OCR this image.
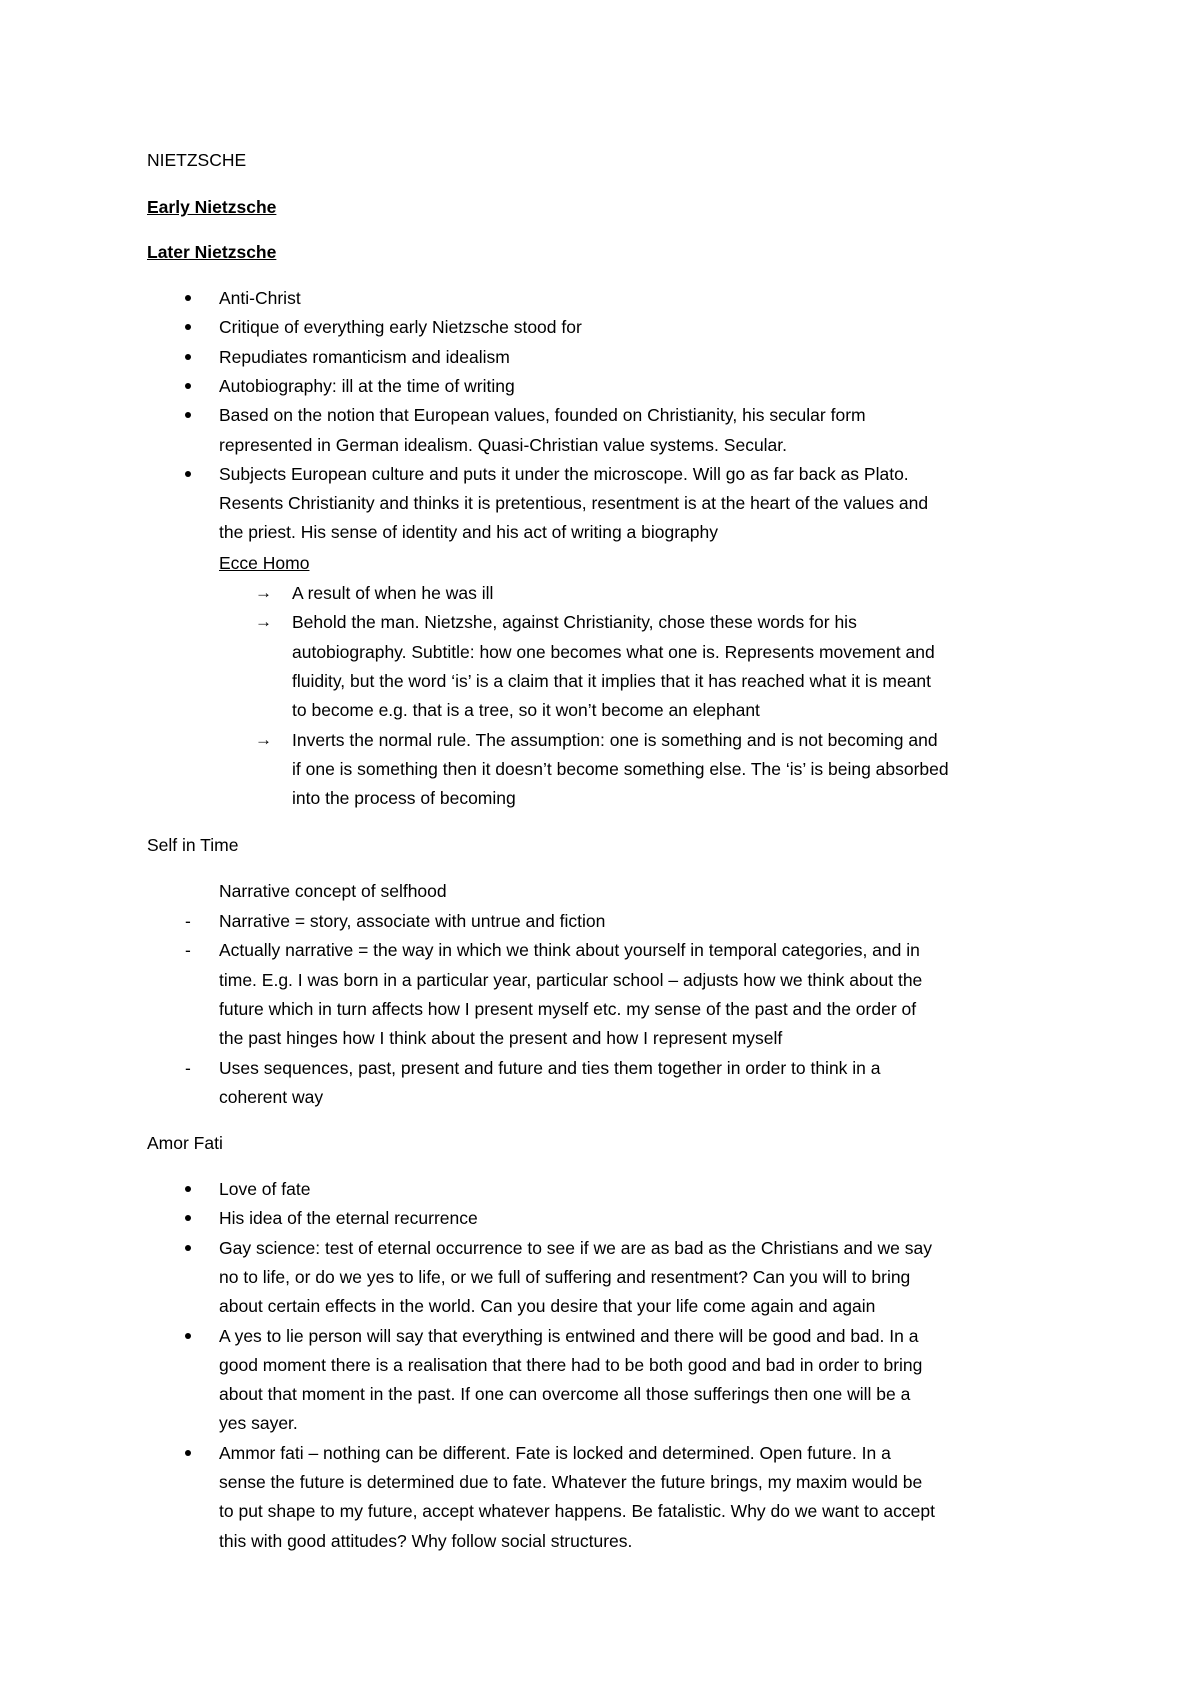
NIETZSCHE
Early Nietzsche
Later Nietzsche
Anti-Christ
Critique of everything early Nietzsche stood for
Repudiates romanticism and idealism
Autobiography: ill at the time of writing
Based on the notion that European values, founded on Christianity, his secular form
represented in German idealism. Quasi-Christian value systems. Secular.
Subjects European culture and puts it under the microscope. Will go as far back as Plato.
Resents Christianity and thinks it is pretentious, resentment is at the heart of the values and
the priest. His sense of identity and his act of writing a biography
Ecce Homo
→ A result of when he was ill
→ Behold the man. Nietzshe, against Christianity, chose these words for his
autobiography. Subtitle: how one becomes what one is. Represents movement and
fluidity, but the word ‘is’ is a claim that it implies that it has reached what it is meant
to become e.g. that is a tree, so it won’t become an elephant
→ Inverts the normal rule. The assumption: one is something and is not becoming and
if one is something then it doesn’t become something else. The ‘is’ is being absorbed
into the process of becoming
Self in Time
Narrative concept of selfhood
- Narrative = story, associate with untrue and fiction
- Actually narrative = the way in which we think about yourself in temporal categories, and in
time. E.g. I was born in a particular year, particular school – adjusts how we think about the
future which in turn affects how I present myself etc. my sense of the past and the order of
the past hinges how I think about the present and how I represent myself
- Uses sequences, past, present and future and ties them together in order to think in a
coherent way
Amor Fati
Love of fate
His idea of the eternal recurrence
Gay science: test of eternal occurrence to see if we are as bad as the Christians and we say
no to life, or do we yes to life, or we full of suffering and resentment? Can you will to bring
about certain effects in the world. Can you desire that your life come again and again
A yes to lie person will say that everything is entwined and there will be good and bad. In a
good moment there is a realisation that there had to be both good and bad in order to bring
about that moment in the past. If one can overcome all those sufferings then one will be a
yes sayer.
Ammor fati – nothing can be different. Fate is locked and determined. Open future. In a
sense the future is determined due to fate. Whatever the future brings, my maxim would be
to put shape to my future, accept whatever happens. Be fatalistic. Why do we want to accept
this with good attitudes? Why follow social structures.
